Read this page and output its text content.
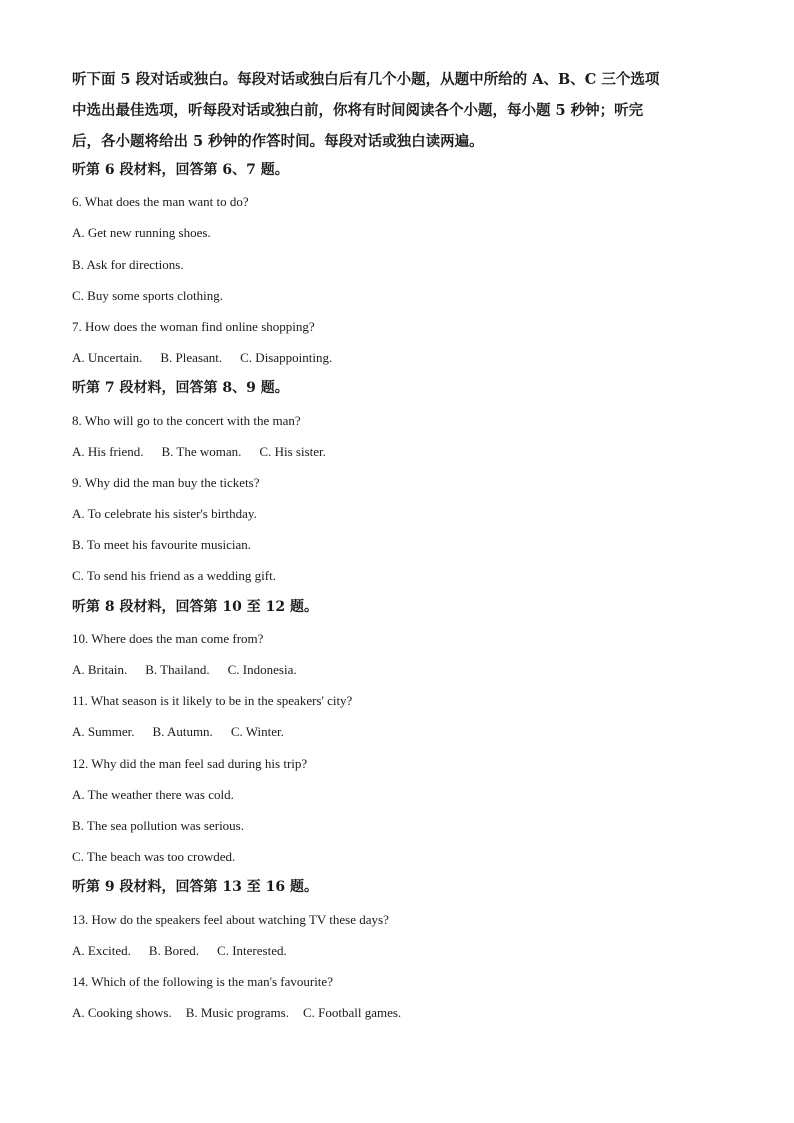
听下面 5 段对话或独白。每段对话或独白后有几个小题，从题中所给的 A、B、C 三个选项
中选出最佳选项，听每段对话或独白前，你将有时间阅读各个小题，每小题 5 秒钟；听完
后，各小题将给出 5 秒钟的作答时间。每段对话或独白读两遍。
听第 6 段材料，回答第 6、7 题。
6. What does the man want to do?
A. Get new running shoes.
B. Ask for directions.
C. Buy some sports clothing.
7. How does the woman find online shopping?
A. Uncertain. B. Pleasant. C. Disappointing.
听第 7 段材料，回答第 8、9 题。
8. Who will go to the concert with the man?
A. His friend. B. The woman. C. His sister.
9. Why did the man buy the tickets?
A. To celebrate his sister's birthday.
B. To meet his favourite musician.
C. To send his friend as a wedding gift.
听第 8 段材料，回答第 10 至 12 题。
10. Where does the man come from?
A. Britain. B. Thailand. C. Indonesia.
11. What season is it likely to be in the speakers' city?
A. Summer. B. Autumn. C. Winter.
12. Why did the man feel sad during his trip?
A. The weather there was cold.
B. The sea pollution was serious.
C. The beach was too crowded.
听第 9 段材料，回答第 13 至 16 题。
13. How do the speakers feel about watching TV these days?
A. Excited. B. Bored. C. Interested.
14. Which of the following is the man's favourite?
A. Cooking shows. B. Music programs. C. Football games.
